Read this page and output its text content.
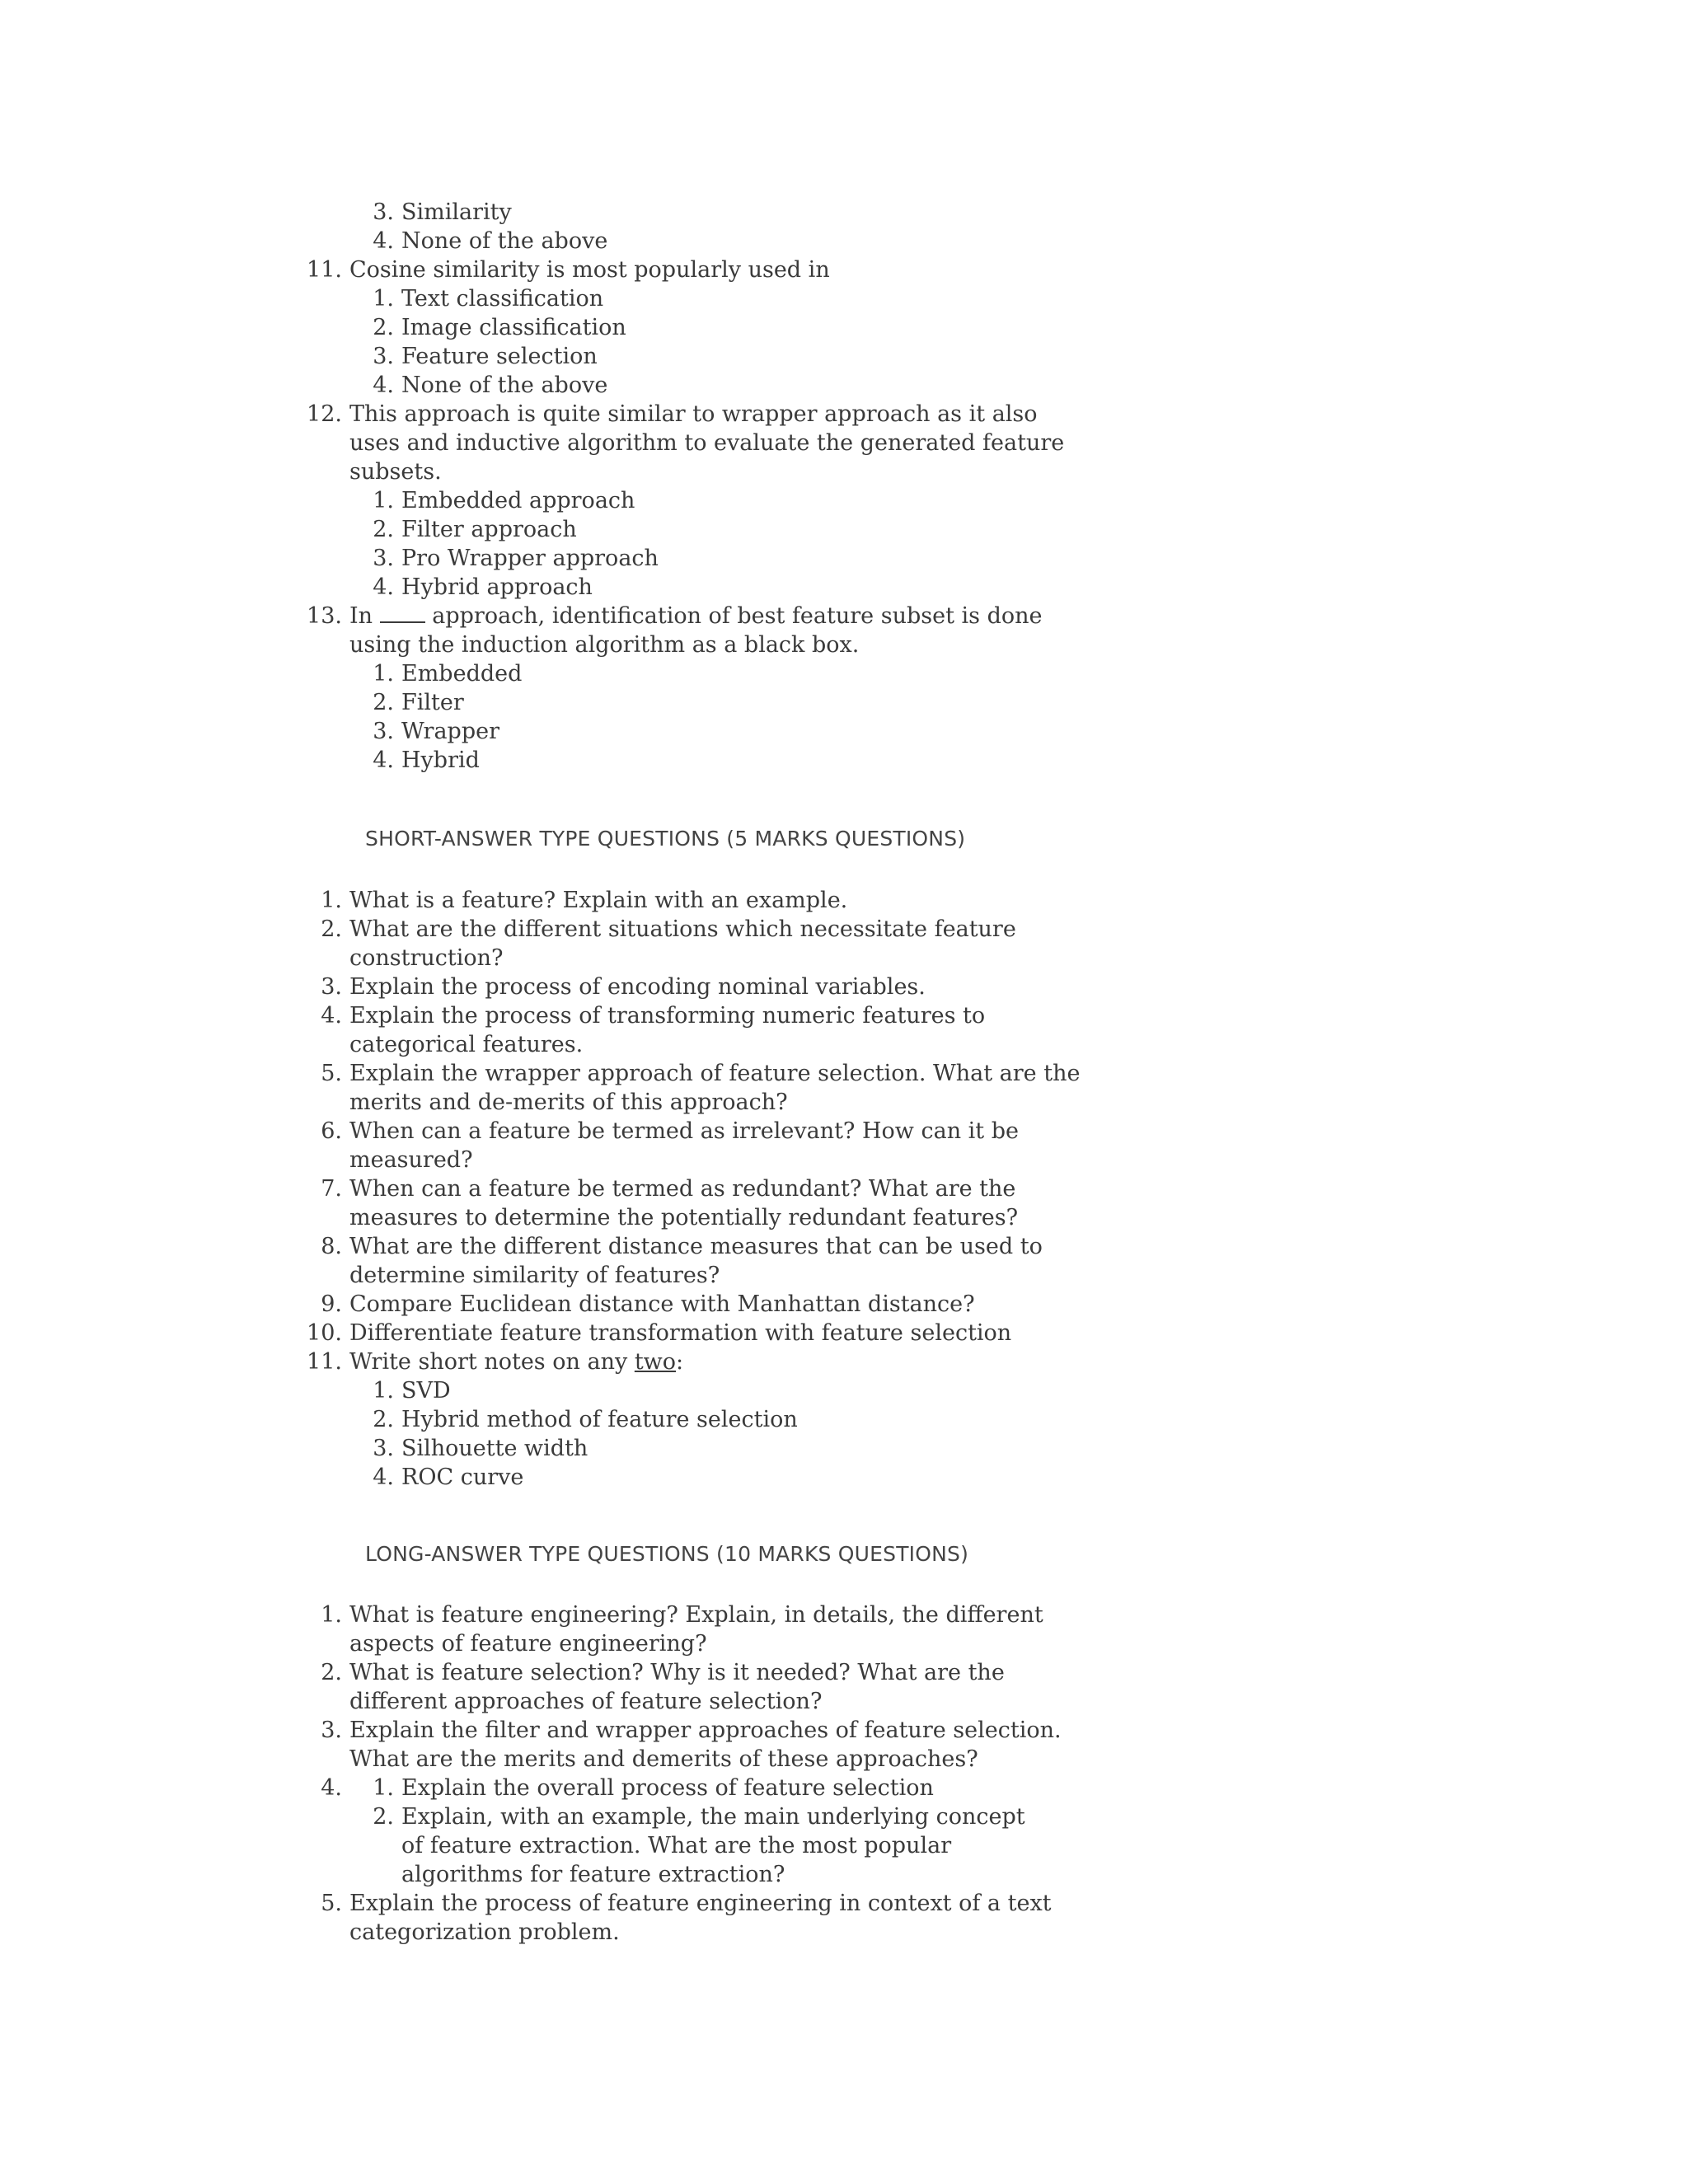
3. Similarity
4. None of the above
11. Cosine similarity is most popularly used in
1. Text classification
2. Image classification
3. Feature selection
4. None of the above
12. This approach is quite similar to wrapper approach as it also
uses and inductive algorithm to evaluate the generated feature
subsets.
1. Embedded approach
2. Filter approach
3. Pro Wrapper approach
4. Hybrid approach
13. In	approach, identification of best feature subset is done
using the induction algorithm as a black box.
1. Embedded
2. Filter
3. Wrapper
4. Hybrid
SHORT-ANSWER TYPE QUESTIONS (5 MARKS QUESTIONS)
1. What is a feature? Explain with an example.
2. What are the different situations which necessitate feature
construction?
3. Explain the process of encoding nominal variables.
4. Explain the process of transforming numeric features to
categorical features.
5. Explain the wrapper approach of feature selection. What are the
merits and de-merits of this approach?
6. When can a feature be termed as irrelevant? How can it be
measured?
7. When can a feature be termed as redundant? What are the
measures to determine the potentially redundant features?
8. What are the different distance measures that can be used to
determine similarity of features?
9. Compare Euclidean distance with Manhattan distance?
10. Differentiate feature transformation with feature selection
11. Write short notes on any two:
1. SVD
2. Hybrid method of feature selection
3. Silhouette width
4. ROC curve
LONG-ANSWER TYPE QUESTIONS (10 MARKS QUESTIONS)
1. What is feature engineering? Explain, in details, the different
aspects of feature engineering?
2. What is feature selection? Why is it needed? What are the
different approaches of feature selection?
3. Explain the filter and wrapper approaches of feature selection.
What are the merits and demerits of these approaches?
4.	1. Explain the overall process of feature selection
2. Explain, with an example, the main underlying concept
of feature extraction. What are the most popular
algorithms for feature extraction?
5. Explain the process of feature engineering in context of a text
categorization problem.
